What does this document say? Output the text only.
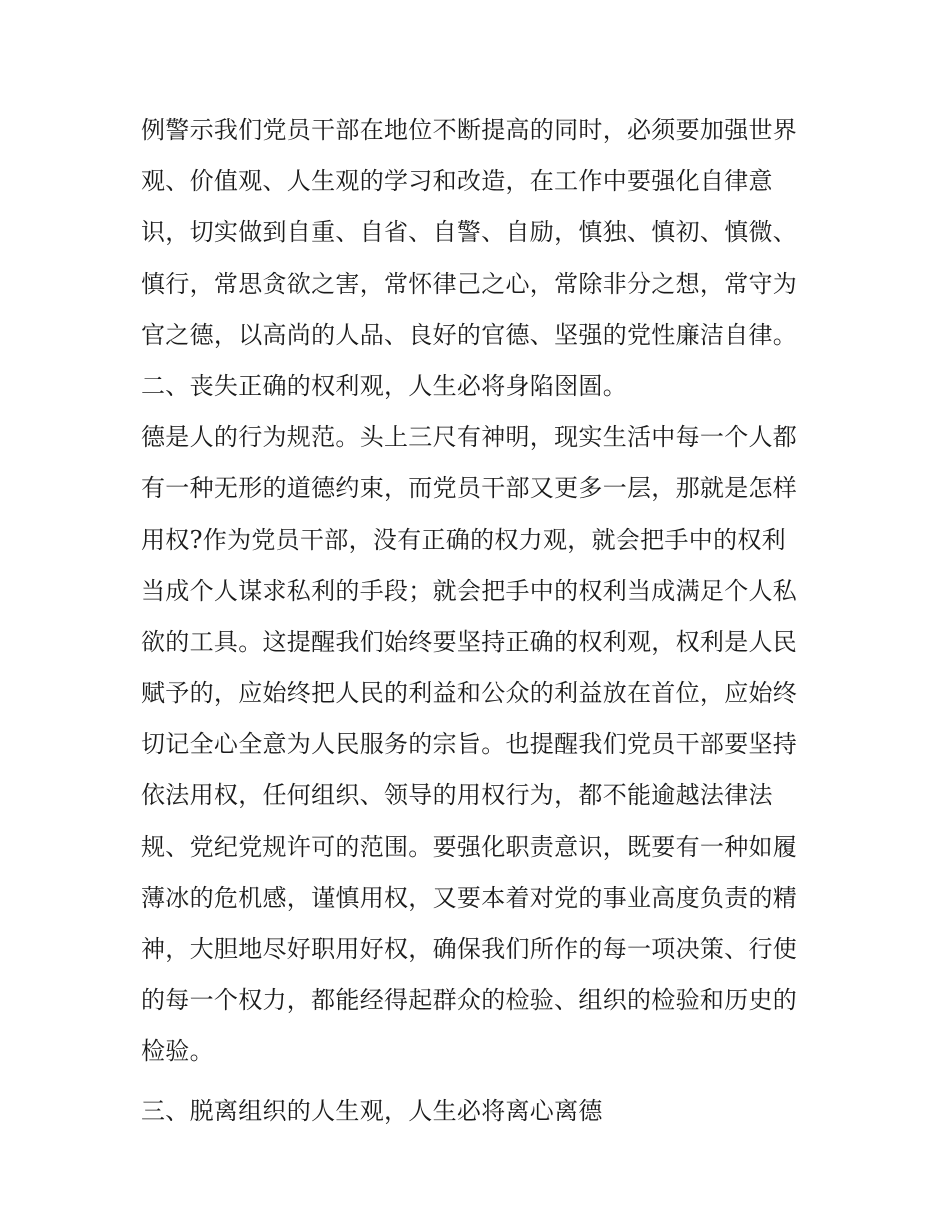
例警示我们党员干部在地位不断提高的同时，必须要加强世界
观、价值观、人生观的学习和改造，在工作中要强化自律意
识，切实做到自重、自省、自警、自励，慎独、慎初、慎微、
慎行，常思贪欲之害，常怀律己之心，常除非分之想，常守为
官之德，以高尚的人品、良好的官德、坚强的党性廉洁自律。
二、丧失正确的权利观，人生必将身陷囹圄。
德是人的行为规范。头上三尺有神明，现实生活中每一个人都
有一种无形的道德约束，而党员干部又更多一层，那就是怎样
用权?作为党员干部，没有正确的权力观，就会把手中的权利
当成个人谋求私利的手段；就会把手中的权利当成满足个人私
欲的工具。这提醒我们始终要坚持正确的权利观，权利是人民
赋予的，应始终把人民的利益和公众的利益放在首位，应始终
切记全心全意为人民服务的宗旨。也提醒我们党员干部要坚持
依法用权，任何组织、领导的用权行为，都不能逾越法律法
规、党纪党规许可的范围。要强化职责意识，既要有一种如履
薄冰的危机感，谨慎用权，又要本着对党的事业高度负责的精
神，大胆地尽好职用好权，确保我们所作的每一项决策、行使
的每一个权力，都能经得起群众的检验、组织的检验和历史的
检验。
三、脱离组织的人生观，人生必将离心离德
